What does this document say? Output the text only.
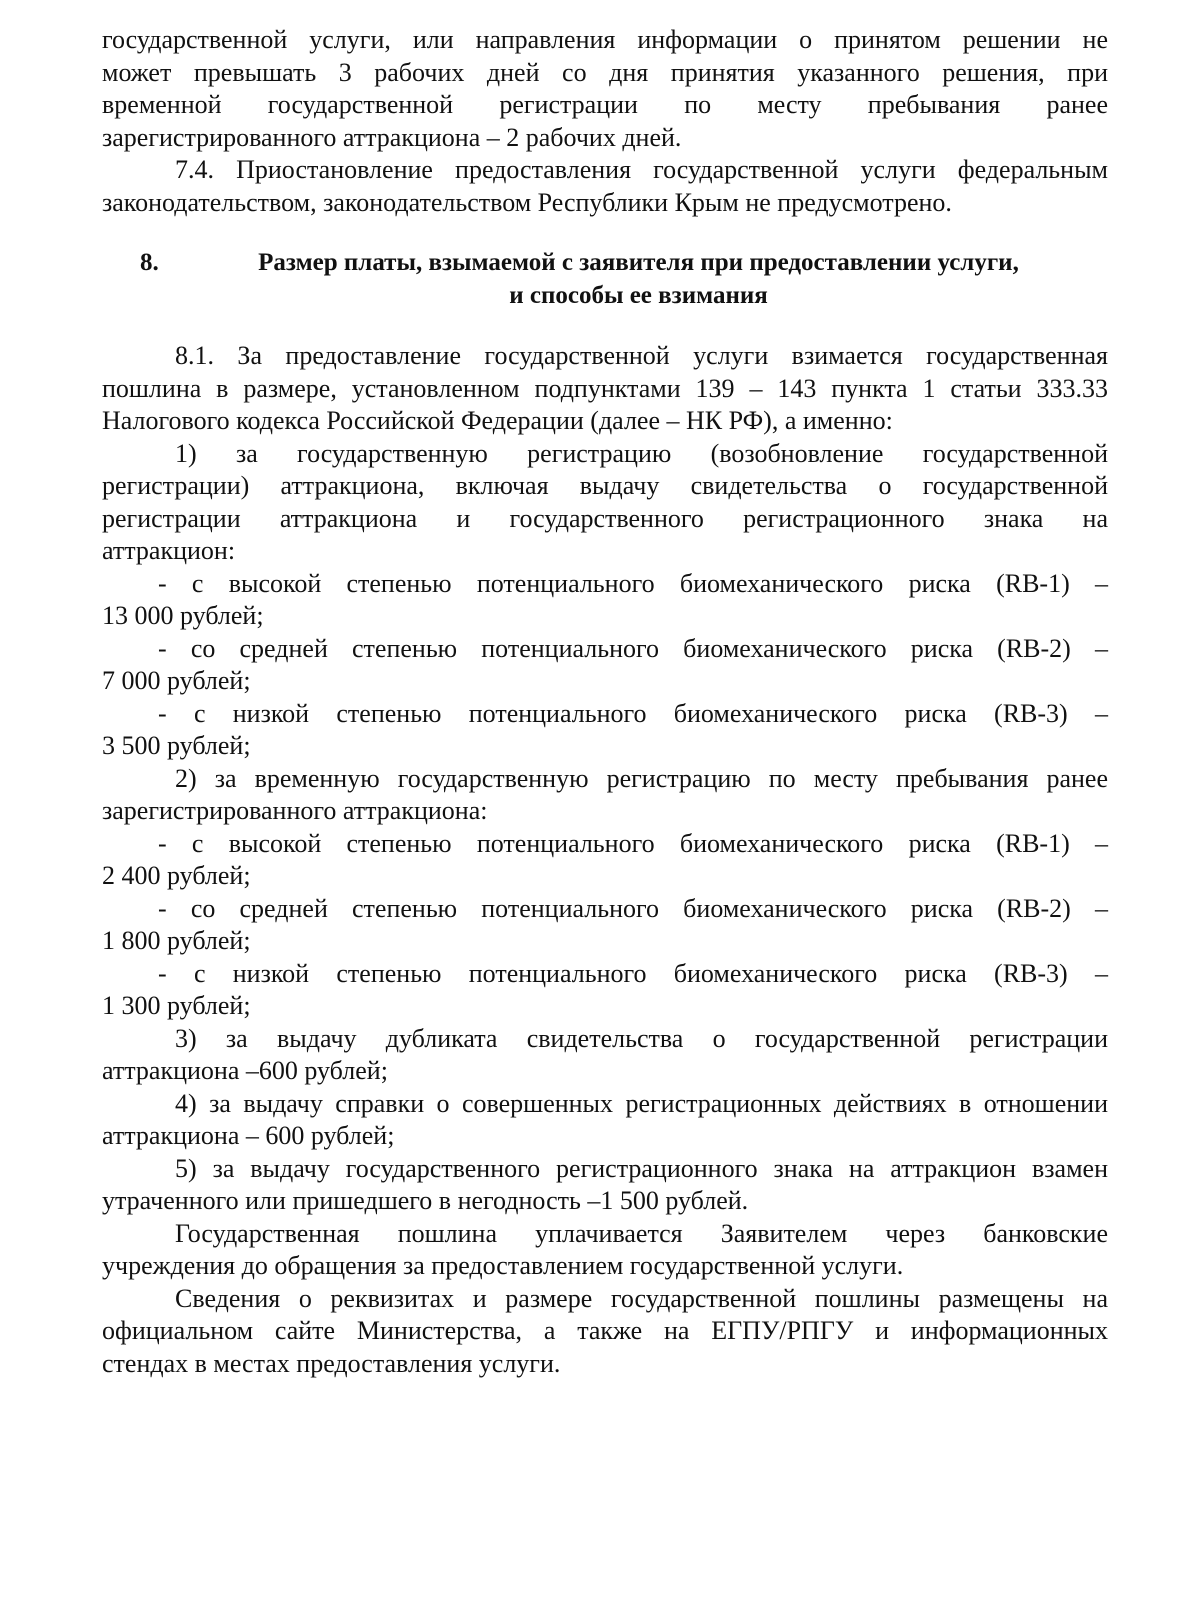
государственной услуги, или направления информации о принятом решении не
может превышать 3 рабочих дней со дня принятия указанного решения, при
временной государственной регистрации по месту пребывания ранее
зарегистрированного аттракциона – 2 рабочих дней.
7.4. Приостановление предоставления государственной услуги федеральным
законодательством, законодательством Республики Крым не предусмотрено.
8.	Размер платы, взымаемой с заявителя при предоставлении услуги,
и способы ее взимания
8.1. За предоставление государственной услуги взимается государственная
пошлина в размере, установленном подпунктами 139 – 143 пункта 1 статьи 333.33
Налогового кодекса Российской Федерации (далее – НК РФ), а именно:
1) за государственную регистрацию (возобновление государственной
регистрации) аттракциона, включая выдачу свидетельства о государственной
регистрации аттракциона и государственного регистрационного знака на
аттракцион:
- с высокой степенью потенциального биомеханического риска (RB-1) –
13 000 рублей;
- со средней степенью потенциального биомеханического риска (RB-2) –
7 000 рублей;
- с низкой степенью потенциального биомеханического риска (RB-3) –
3 500 рублей;
2) за временную государственную регистрацию по месту пребывания ранее
зарегистрированного аттракциона:
- с высокой степенью потенциального биомеханического риска (RB-1) –
2 400 рублей;
- со средней степенью потенциального биомеханического риска (RB-2) –
1 800 рублей;
- с низкой степенью потенциального биомеханического риска (RB-3) –
1 300 рублей;
3) за выдачу дубликата свидетельства о государственной регистрации
аттракциона –600 рублей;
4) за выдачу справки о совершенных регистрационных действиях в отношении
аттракциона – 600 рублей;
5) за выдачу государственного регистрационного знака на аттракцион взамен
утраченного или пришедшего в негодность –1 500 рублей.
Государственная пошлина уплачивается Заявителем через банковские
учреждения до обращения за предоставлением государственной услуги.
Сведения о реквизитах и размере государственной пошлины размещены на
официальном сайте Министерства, а также на ЕГПУ/РПГУ и информационных
стендах в местах предоставления услуги.
